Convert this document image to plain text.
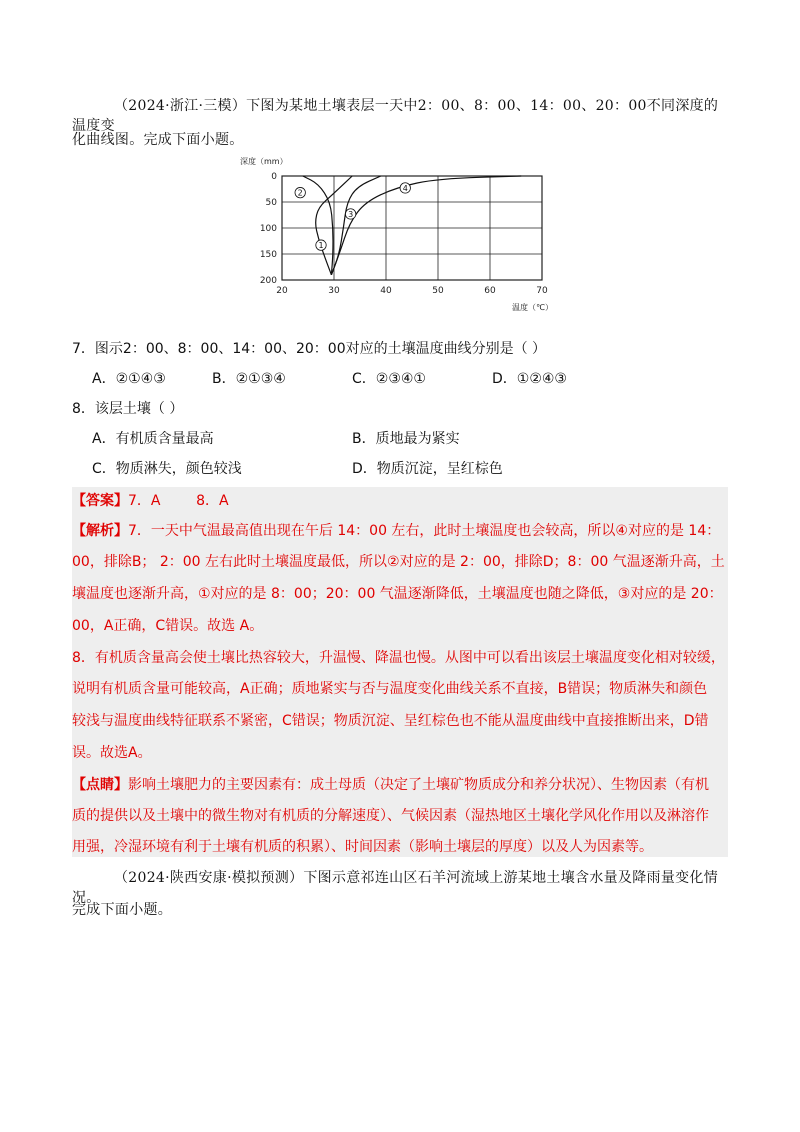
（2024·浙江·三模）下图为某地土壤表层一天中2：00、8：00、14：00、20：00不同深度的温度变
化曲线图。完成下面小题。
20	30	40	50	60	70
0
50
100
150
200
深度（mm）
温度（℃）
1
2
3
4
7．图示2：00、8：00、14：00、20：00对应的土壤温度曲线分别是（ ）
A．②①④③	B．②①③④	C．②③④①	D．①②④③
8．该层土壤（ ）
A．有机质含量最高	B．质地最为紧实
C．物质淋失，颜色较浅	D．物质沉淀，呈红棕色
【答案】7．A        8．A
【解析】7．一天中气温最高值出现在午后 14：00 左右，此时土壤温度也会较高，所以④对应的是 14：
00，排除B； 2：00 左右此时土壤温度最低，所以②对应的是 2：00，排除D；8：00 气温逐渐升高，土
壤温度也逐渐升高，①对应的是 8：00；20：00 气温逐渐降低，土壤温度也随之降低，③对应的是 20：
00，A正确，C错误。故选 A。
8．有机质含量高会使土壤比热容较大，升温慢、降温也慢。从图中可以看出该层土壤温度变化相对较缓，
说明有机质含量可能较高，A正确；质地紧实与否与温度变化曲线关系不直接，B错误；物质淋失和颜色
较浅与温度曲线特征联系不紧密，C错误；物质沉淀、呈红棕色也不能从温度曲线中直接推断出来，D错
误。故选A。
【点睛】影响土壤肥力的主要因素有：成土母质（决定了土壤矿物质成分和养分状况）、生物因素（有机
质的提供以及土壤中的微生物对有机质的分解速度）、气候因素（湿热地区土壤化学风化作用以及淋溶作
用强，冷湿环境有利于土壤有机质的积累）、时间因素（影响土壤层的厚度）以及人为因素等。
（2024·陕西安康·模拟预测）下图示意祁连山区石羊河流域上游某地土壤含水量及降雨量变化情况。
完成下面小题。
